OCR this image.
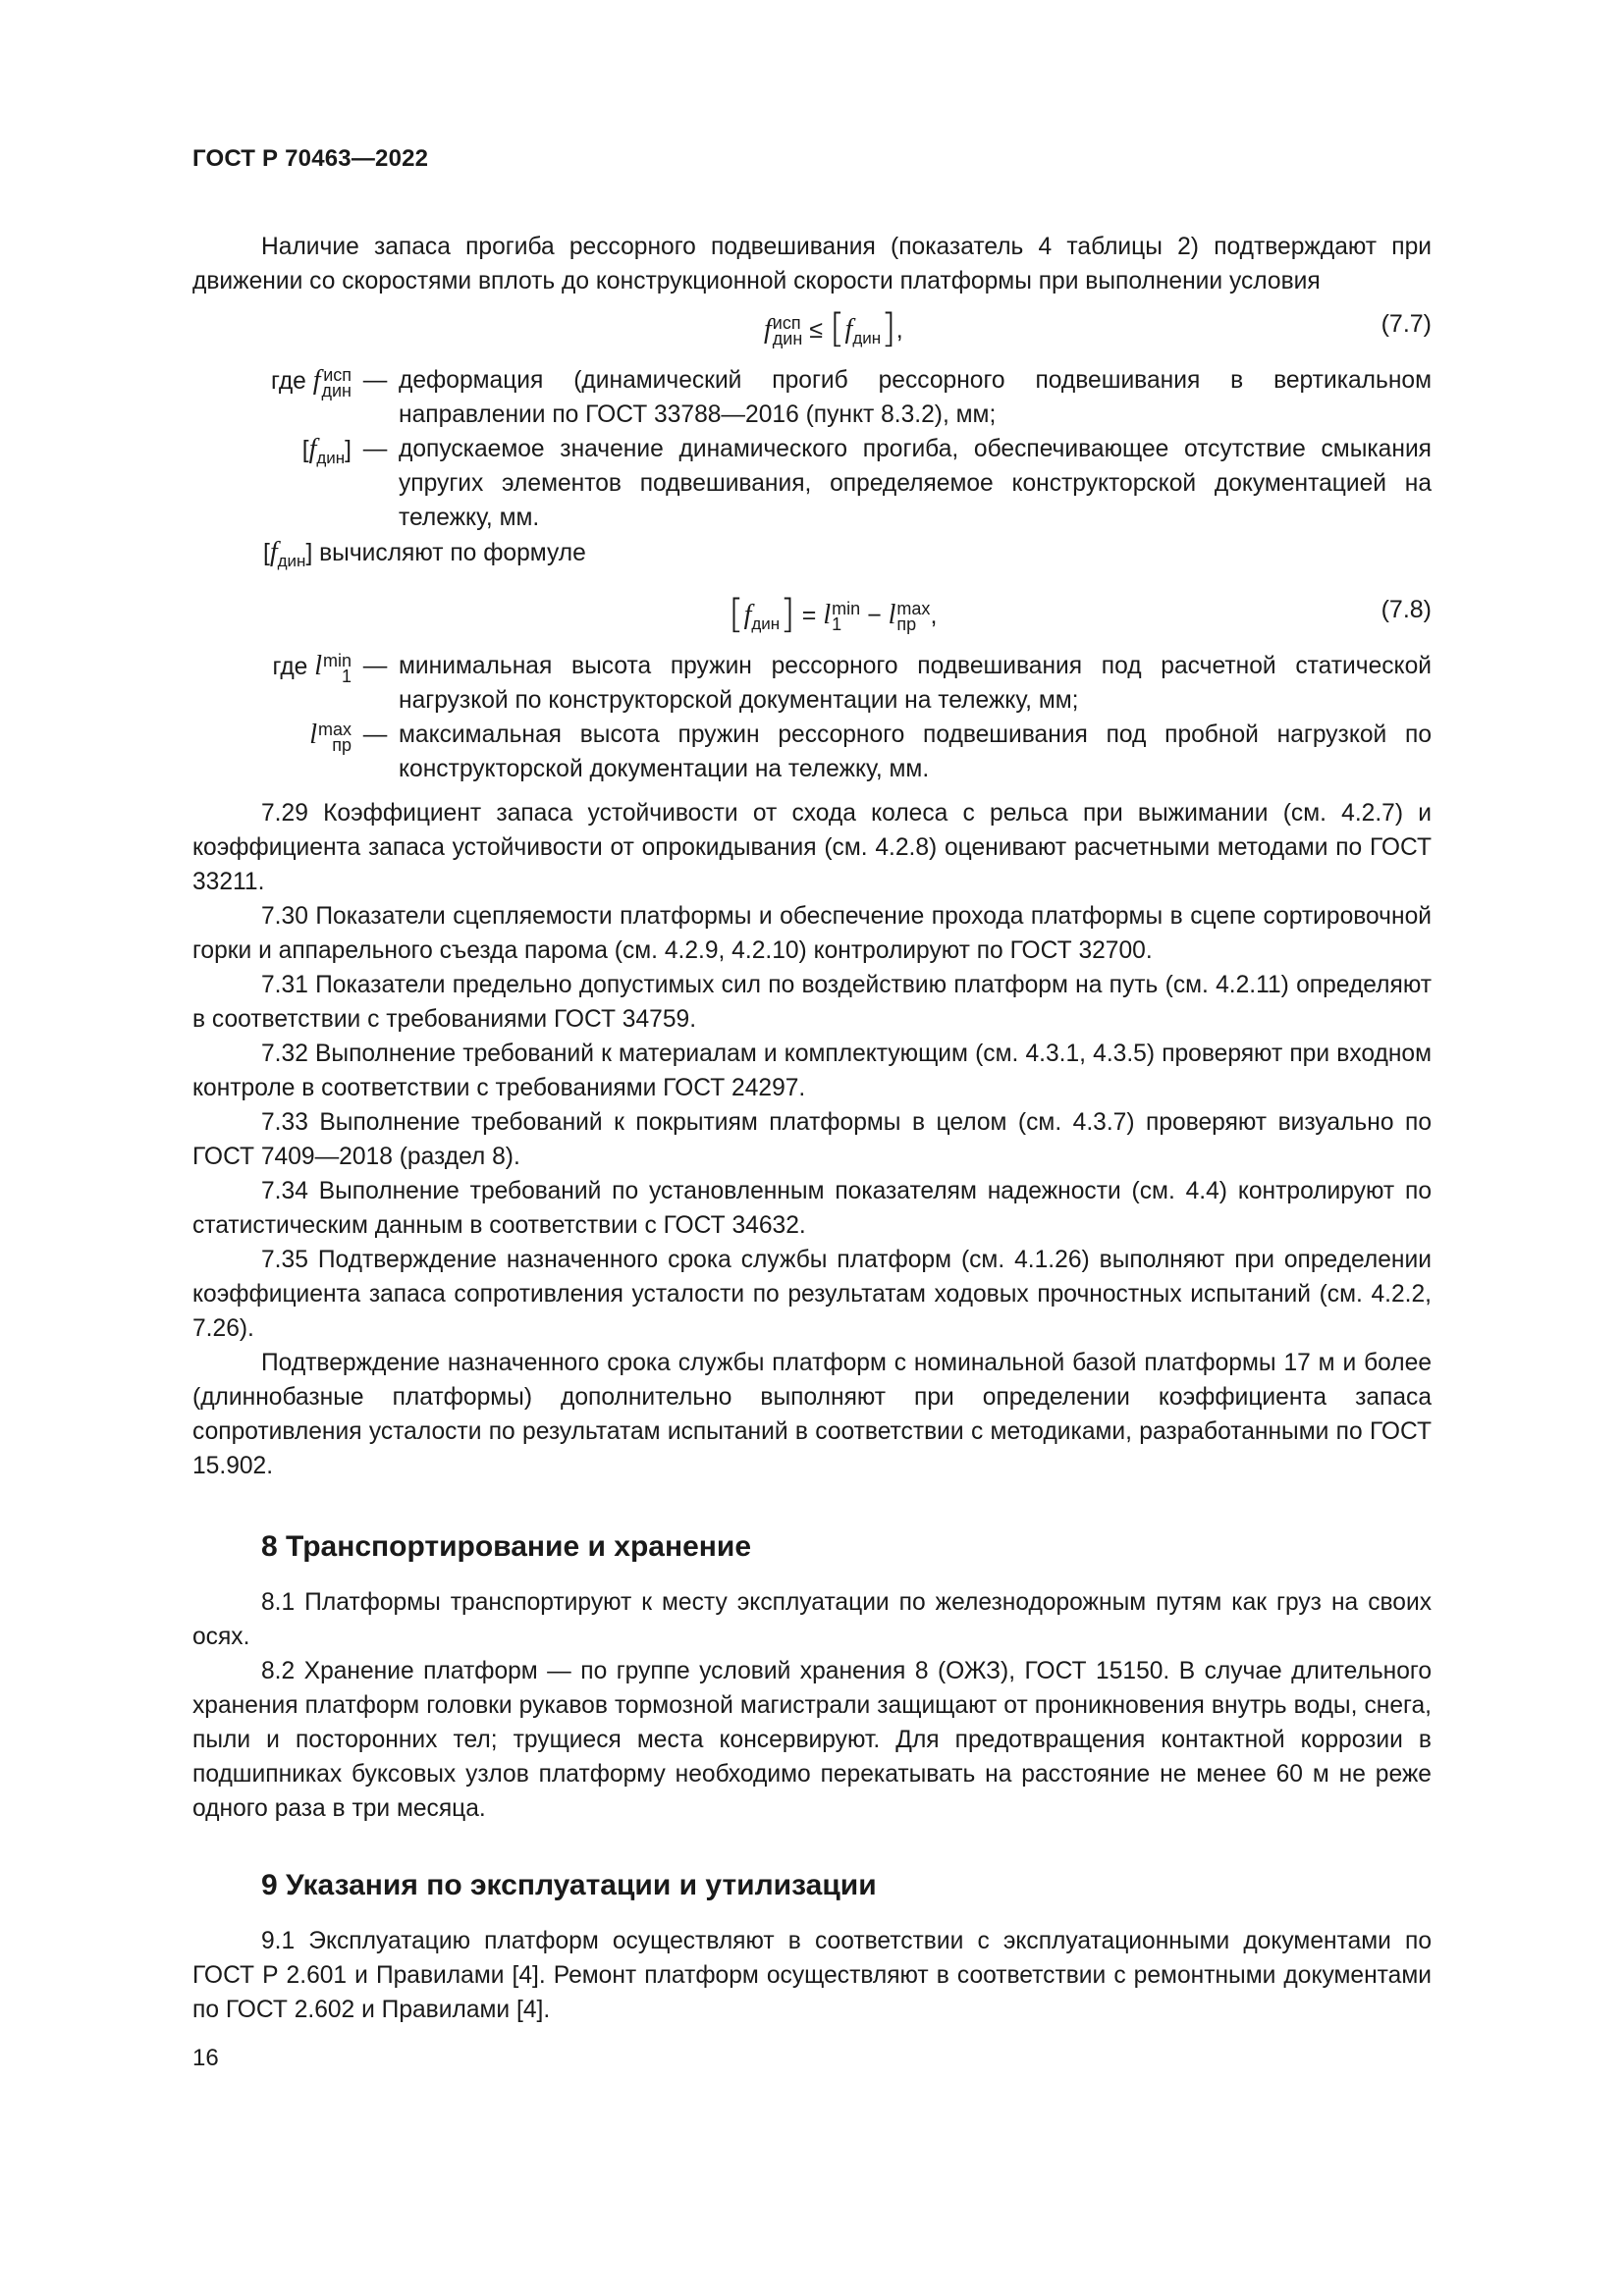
ГОСТ Р 70463—2022

Наличие запаса прогиба рессорного подвешивания (показатель 4 таблицы 2) подтверждают при движении со скоростями вплоть до конструкционной скорости платформы при выполнении условия

f исп
дин ≤ $[f_{дин}]$,	(7.7)
где f исп
дин — деформация (динамический прогиб рессорного подвешивания в вертикальном направлении по ГОСТ 33788—2016 (пункт 8.3.2), мм;
$[f_{дин}]$ — допускаемое значение динамического прогиба, обеспечивающее отсутствие смыкания упругих элементов подвешивания, определяемое конструкторской документацией на тележку, мм.

$[f_{дин}]$ вычисляют по формуле

$[f_{дин}] = l$ min
1	− l max
пр ,	(7.8)
где l min
1 — минимальная высота пружин рессорного подвешивания под расчетной статической нагрузкой по конструкторской документации на тележку, мм;
l max
пр — максимальная высота пружин рессорного подвешивания под пробной нагрузкой по конструкторской документации на тележку, мм.

7.29 Коэффициент запаса устойчивости от схода колеса с рельса при выжимании (см. 4.2.7) и коэффициента запаса устойчивости от опрокидывания (см. 4.2.8) оценивают расчетными методами по ГОСТ 33211.

7.30 Показатели сцепляемости платформы и обеспечение прохода платформы в сцепе сортировочной горки и аппарельного съезда парома (см. 4.2.9, 4.2.10) контролируют по ГОСТ 32700.

7.31 Показатели предельно допустимых сил по воздействию платформ на путь (см. 4.2.11) определяют в соответствии с требованиями ГОСТ 34759.

7.32 Выполнение требований к материалам и комплектующим (см. 4.3.1, 4.3.5) проверяют при входном контроле в соответствии с требованиями ГОСТ 24297.

7.33 Выполнение требований к покрытиям платформы в целом (см. 4.3.7) проверяют визуально по ГОСТ 7409—2018 (раздел 8).

7.34 Выполнение требований по установленным показателям надежности (см. 4.4) контролируют по статистическим данным в соответствии с ГОСТ 34632.

7.35 Подтверждение назначенного срока службы платформ (см. 4.1.26) выполняют при определении коэффициента запаса сопротивления усталости по результатам ходовых прочностных испытаний (см. 4.2.2, 7.26).

Подтверждение назначенного срока службы платформ с номинальной базой платформы 17 м и более (длиннобазные платформы) дополнительно выполняют при определении коэффициента запаса сопротивления усталости по результатам испытаний в соответствии с методиками, разработанными по ГОСТ 15.902.

8 Транспортирование и хранение

8.1 Платформы транспортируют к месту эксплуатации по железнодорожным путям как груз на своих осях.

8.2 Хранение платформ — по группе условий хранения 8 (ОЖЗ), ГОСТ 15150. В случае длительного хранения платформ головки рукавов тормозной магистрали защищают от проникновения внутрь воды, снега, пыли и посторонних тел; трущиеся места консервируют. Для предотвращения контактной коррозии в подшипниках буксовых узлов платформу необходимо перекатывать на расстояние не менее 60 м не реже одного раза в три месяца.

9 Указания по эксплуатации и утилизации

9.1 Эксплуатацию платформ осуществляют в соответствии с эксплуатационными документами по ГОСТ Р 2.601 и Правилами [4]. Ремонт платформ осуществляют в соответствии с ремонтными документами по ГОСТ 2.602 и Правилами [4].

16
